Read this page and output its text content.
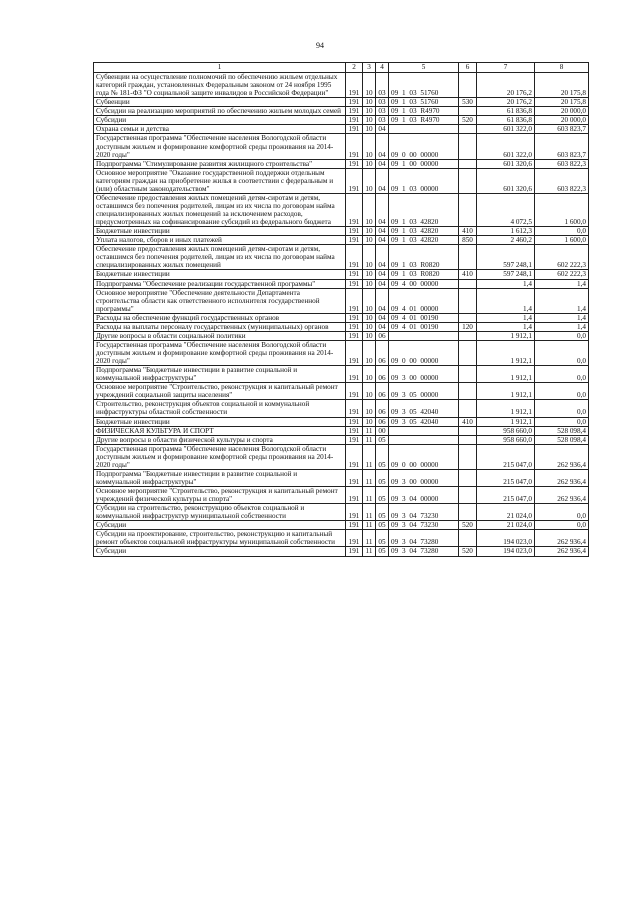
94
1	2	3	4	5	6	7	8
Субвенции на осуществление полномочий по обеспечению жильем отдельных категорий граждан, установленных Федеральным законом от 24 ноября 1995 года № 181-ФЗ "О социальной защите инвалидов в Российской Федерации"	191	10	03	09 1 03 51760		20 176,2	20 175,8
Субвенции	191	10	03	09 1 03 51760	530	20 176,2	20 175,8
Субсидии на реализацию мероприятий по обеспечению жильем молодых семей	191	10	03	09 1 03 R4970		61 836,8	20 000,0
Субсидии	191	10	03	09 1 03 R4970	520	61 836,8	20 000,0
Охрана семьи и детства	191	10	04			601 322,0	603 823,7
Государственная программа "Обеспечение населения Вологодской области доступным жильем и формирование комфортной среды проживания на 2014-2020 годы"	191	10	04	09 0 00 00000		601 322,0	603 823,7
Подпрограмма "Стимулирование развития жилищного строительства"	191	10	04	09 1 00 00000		601 320,6	603 822,3
Основное мероприятие "Оказание государственной поддержки отдельным категориям граждан на приобретение жилья в соответствии с федеральным и (или) областным законодательством"	191	10	04	09 1 03 00000		601 320,6	603 822,3
Обеспечение предоставления жилых помещений детям-сиротам и детям, оставшимся без попечения родителей, лицам из их числа по договорам найма специализированных жилых помещений за исключением расходов, предусмотренных на софинансирование субсидий из федерального бюджета	191	10	04	09 1 03 42820		4 072,5	1 600,0
Бюджетные инвестиции	191	10	04	09 1 03 42820	410	1 612,3	0,0
Уплата налогов, сборов и иных платежей	191	10	04	09 1 03 42820	850	2 460,2	1 600,0
Обеспечение предоставления жилых помещений детям-сиротам и детям, оставшимся без попечения родителей, лицам из их числа по договорам найма специализированных жилых помещений	191	10	04	09 1 03 R0820		597 248,1	602 222,3
Бюджетные инвестиции	191	10	04	09 1 03 R0820	410	597 248,1	602 222,3
Подпрограмма "Обеспечение реализации государственной программы"	191	10	04	09 4 00 00000		1,4	1,4
Основное мероприятие "Обеспечение деятельности Департамента строительства области как ответственного исполнителя государственной программы"	191	10	04	09 4 01 00000		1,4	1,4
Расходы на обеспечение функций государственных органов	191	10	04	09 4 01 00190		1,4	1,4
Расходы на выплаты персоналу государственных (муниципальных) органов	191	10	04	09 4 01 00190	120	1,4	1,4
Другие вопросы в области социальной политики	191	10	06			1 912,1	0,0
Государственная программа "Обеспечение населения Вологодской области доступным жильем и формирование комфортной среды проживания на 2014-2020 годы"	191	10	06	09 0 00 00000		1 912,1	0,0
Подпрограмма "Бюджетные инвестиции в развитие социальной и коммунальной инфраструктуры"	191	10	06	09 3 00 00000		1 912,1	0,0
Основное мероприятие "Строительство, реконструкция и капитальный ремонт учреждений социальной защиты населения"	191	10	06	09 3 05 00000		1 912,1	0,0
Строительство, реконструкция объектов социальной и коммунальной инфраструктуры областной собственности	191	10	06	09 3 05 42040		1 912,1	0,0
Бюджетные инвестиции	191	10	06	09 3 05 42040	410	1 912,1	0,0
ФИЗИЧЕСКАЯ КУЛЬТУРА И СПОРТ	191	11	00			958 660,0	528 098,4
Другие вопросы в области физической культуры и спорта	191	11	05			958 660,0	528 098,4
Государственная программа "Обеспечение населения Вологодской области доступным жильем и формирование комфортной среды проживания на 2014-2020 годы"	191	11	05	09 0 00 00000		215 047,0	262 936,4
Подпрограмма "Бюджетные инвестиции в развитие социальной и коммунальной инфраструктуры"	191	11	05	09 3 00 00000		215 047,0	262 936,4
Основное мероприятие "Строительство, реконструкция и капитальный ремонт учреждений физической культуры и спорта"	191	11	05	09 3 04 00000		215 047,0	262 936,4
Субсидии на строительство, реконструкцию объектов социальной и коммунальной инфраструктур муниципальной собственности	191	11	05	09 3 04 73230		21 024,0	0,0
Субсидии	191	11	05	09 3 04 73230	520	21 024,0	0,0
Субсидии на проектирование, строительство, реконструкцию и капитальный ремонт объектов социальной инфраструктуры муниципальной собственности	191	11	05	09 3 04 73280		194 023,0	262 936,4
Субсидии	191	11	05	09 3 04 73280	520	194 023,0	262 936,4
